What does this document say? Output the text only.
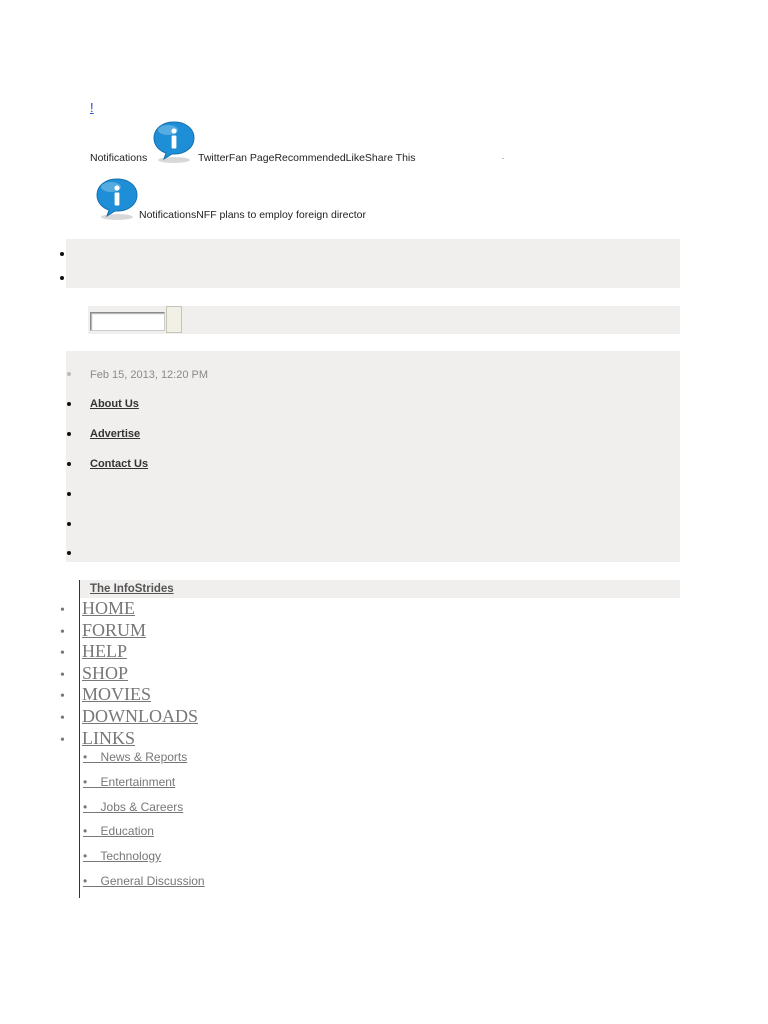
!
Notifications	TwitterFan PageRecommendedLikeShare This
NotificationsNFF plans to employ foreign director
Feb 15, 2013, 12:20 PM
About Us
Advertise
Contact Us
The InfoStrides
• HOME
• FORUM
• HELP
• SHOP
• MOVIES
• DOWNLOADS
• LINKS
•    News & Reports
•    Entertainment
•    Jobs & Careers
•    Education
•    Technology
•    General Discussion
